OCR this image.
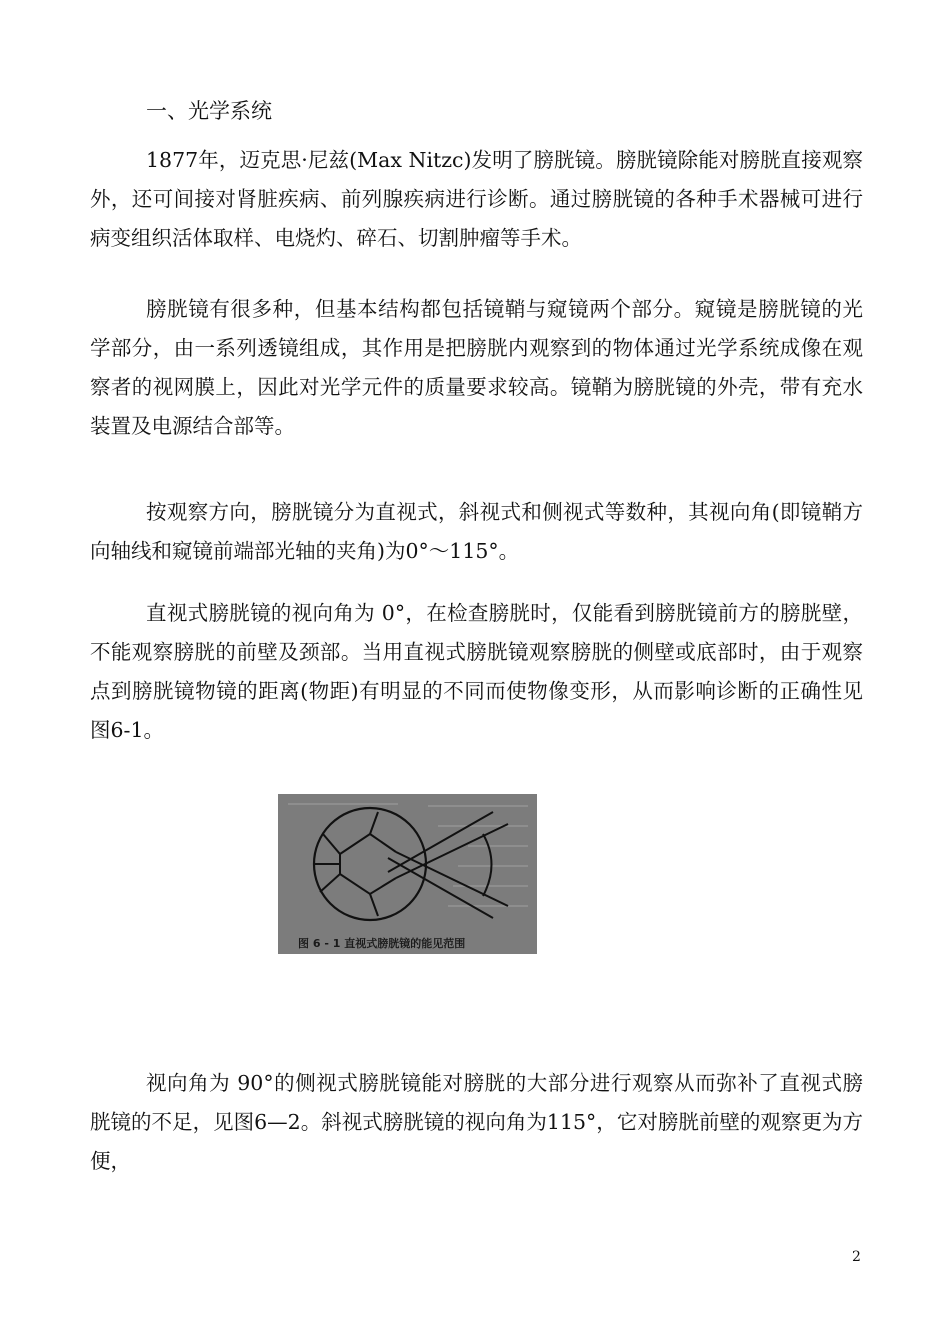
一、光学系统

1877年，迈克思·尼兹(Max Nitzc)发明了膀胱镜。膀胱镜除能对膀胱直接观察外，还可间接对肾脏疾病、前列腺疾病进行诊断。通过膀胱镜的各种手术器械可进行病变组织活体取样、电烧灼、碎石、切割肿瘤等手术。

膀胱镜有很多种，但基本结构都包括镜鞘与窥镜两个部分。窥镜是膀胱镜的光学部分，由一系列透镜组成，其作用是把膀胱内观察到的物体通过光学系统成像在观察者的视网膜上，因此对光学元件的质量要求较高。镜鞘为膀胱镜的外壳，带有充水装置及电源结合部等。

按观察方向，膀胱镜分为直视式，斜视式和侧视式等数种，其视向角(即镜鞘方向轴线和窥镜前端部光轴的夹角)为0°～115°。

直视式膀胱镜的视向角为 0°，在检查膀胱时，仅能看到膀胱镜前方的膀胱壁，不能观察膀胱的前壁及颈部。当用直视式膀胱镜观察膀胱的侧壁或底部时，由于观察点到膀胱镜物镜的距离(物距)有明显的不同而使物像变形，从而影响诊断的正确性见图6-1。

图 6 - 1 直视式膀胱镜的能见范围

视向角为 90°的侧视式膀胱镜能对膀胱的大部分进行观察从而弥补了直视式膀胱镜的不足，见图6—2。斜视式膀胱镜的视向角为115°，它对膀胱前壁的观察更为方便，

2
